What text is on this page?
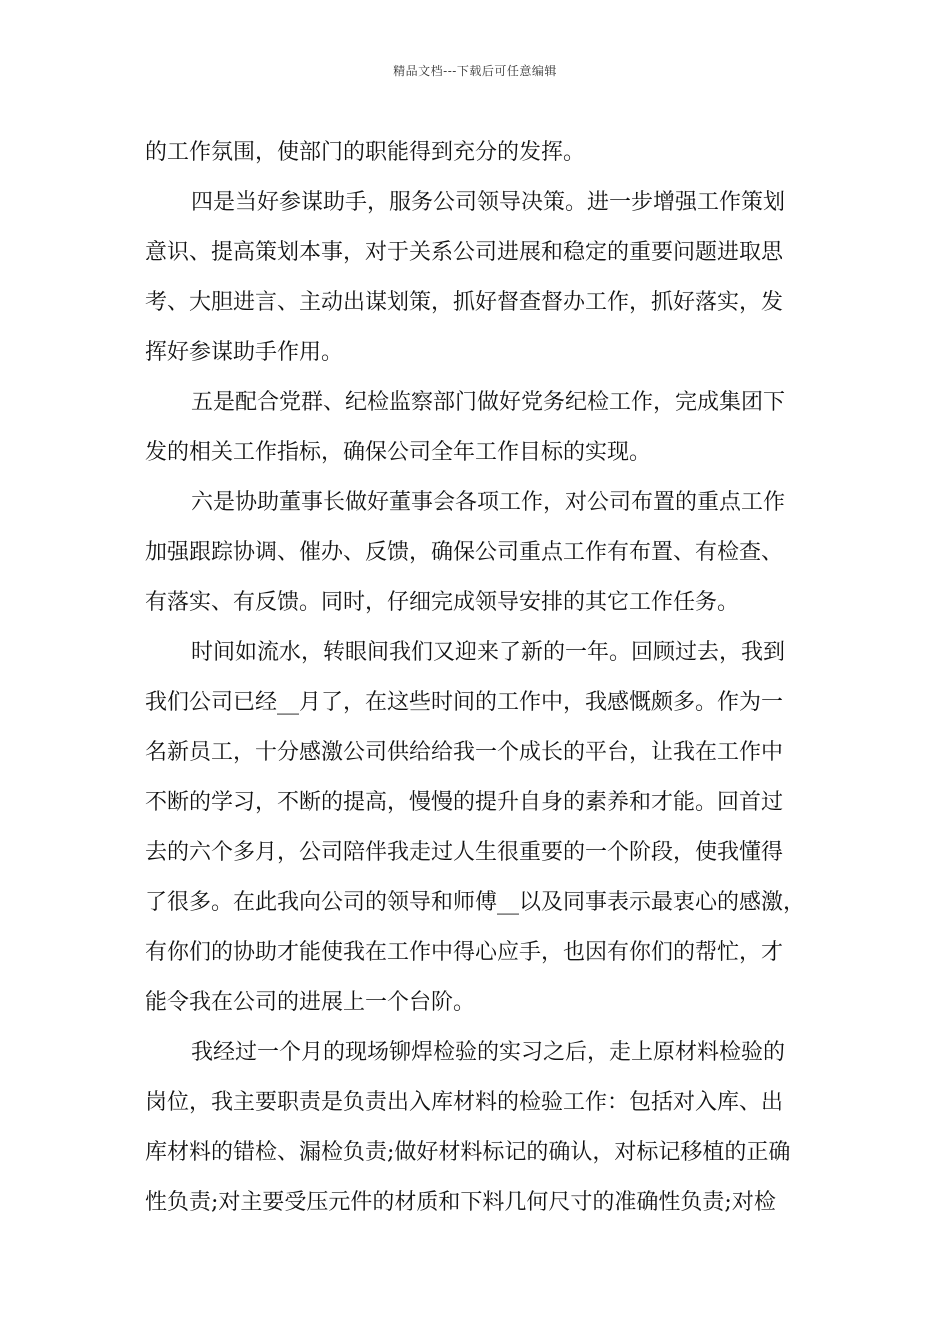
精品文档---下载后可任意编辑
的工作氛围，使部门的职能得到充分的发挥。
四是当好参谋助手，服务公司领导决策。进一步增强工作策划
意识、提高策划本事，对于关系公司进展和稳定的重要问题进取思
考、大胆进言、主动出谋划策，抓好督查督办工作，抓好落实，发
挥好参谋助手作用。
五是配合党群、纪检监察部门做好党务纪检工作，完成集团下
发的相关工作指标，确保公司全年工作目标的实现。
六是协助董事长做好董事会各项工作，对公司布置的重点工作
加强跟踪协调、催办、反馈，确保公司重点工作有布置、有检查、
有落实、有反馈。同时，仔细完成领导安排的其它工作任务。
时间如流水，转眼间我们又迎来了新的一年。回顾过去，我到
我们公司已经__月了，在这些时间的工作中，我感慨颇多。作为一
名新员工，十分感激公司供给给我一个成长的平台，让我在工作中
不断的学习，不断的提高，慢慢的提升自身的素养和才能。回首过
去的六个多月，公司陪伴我走过人生很重要的一个阶段，使我懂得
了很多。在此我向公司的领导和师傅__以及同事表示最衷心的感激，
有你们的协助才能使我在工作中得心应手，也因有你们的帮忙，才
能令我在公司的进展上一个台阶。
我经过一个月的现场铆焊检验的实习之后，走上原材料检验的
岗位，我主要职责是负责出入库材料的检验工作：包括对入库、出
库材料的错检、漏检负责;做好材料标记的确认，对标记移植的正确
性负责;对主要受压元件的材质和下料几何尺寸的准确性负责;对检
